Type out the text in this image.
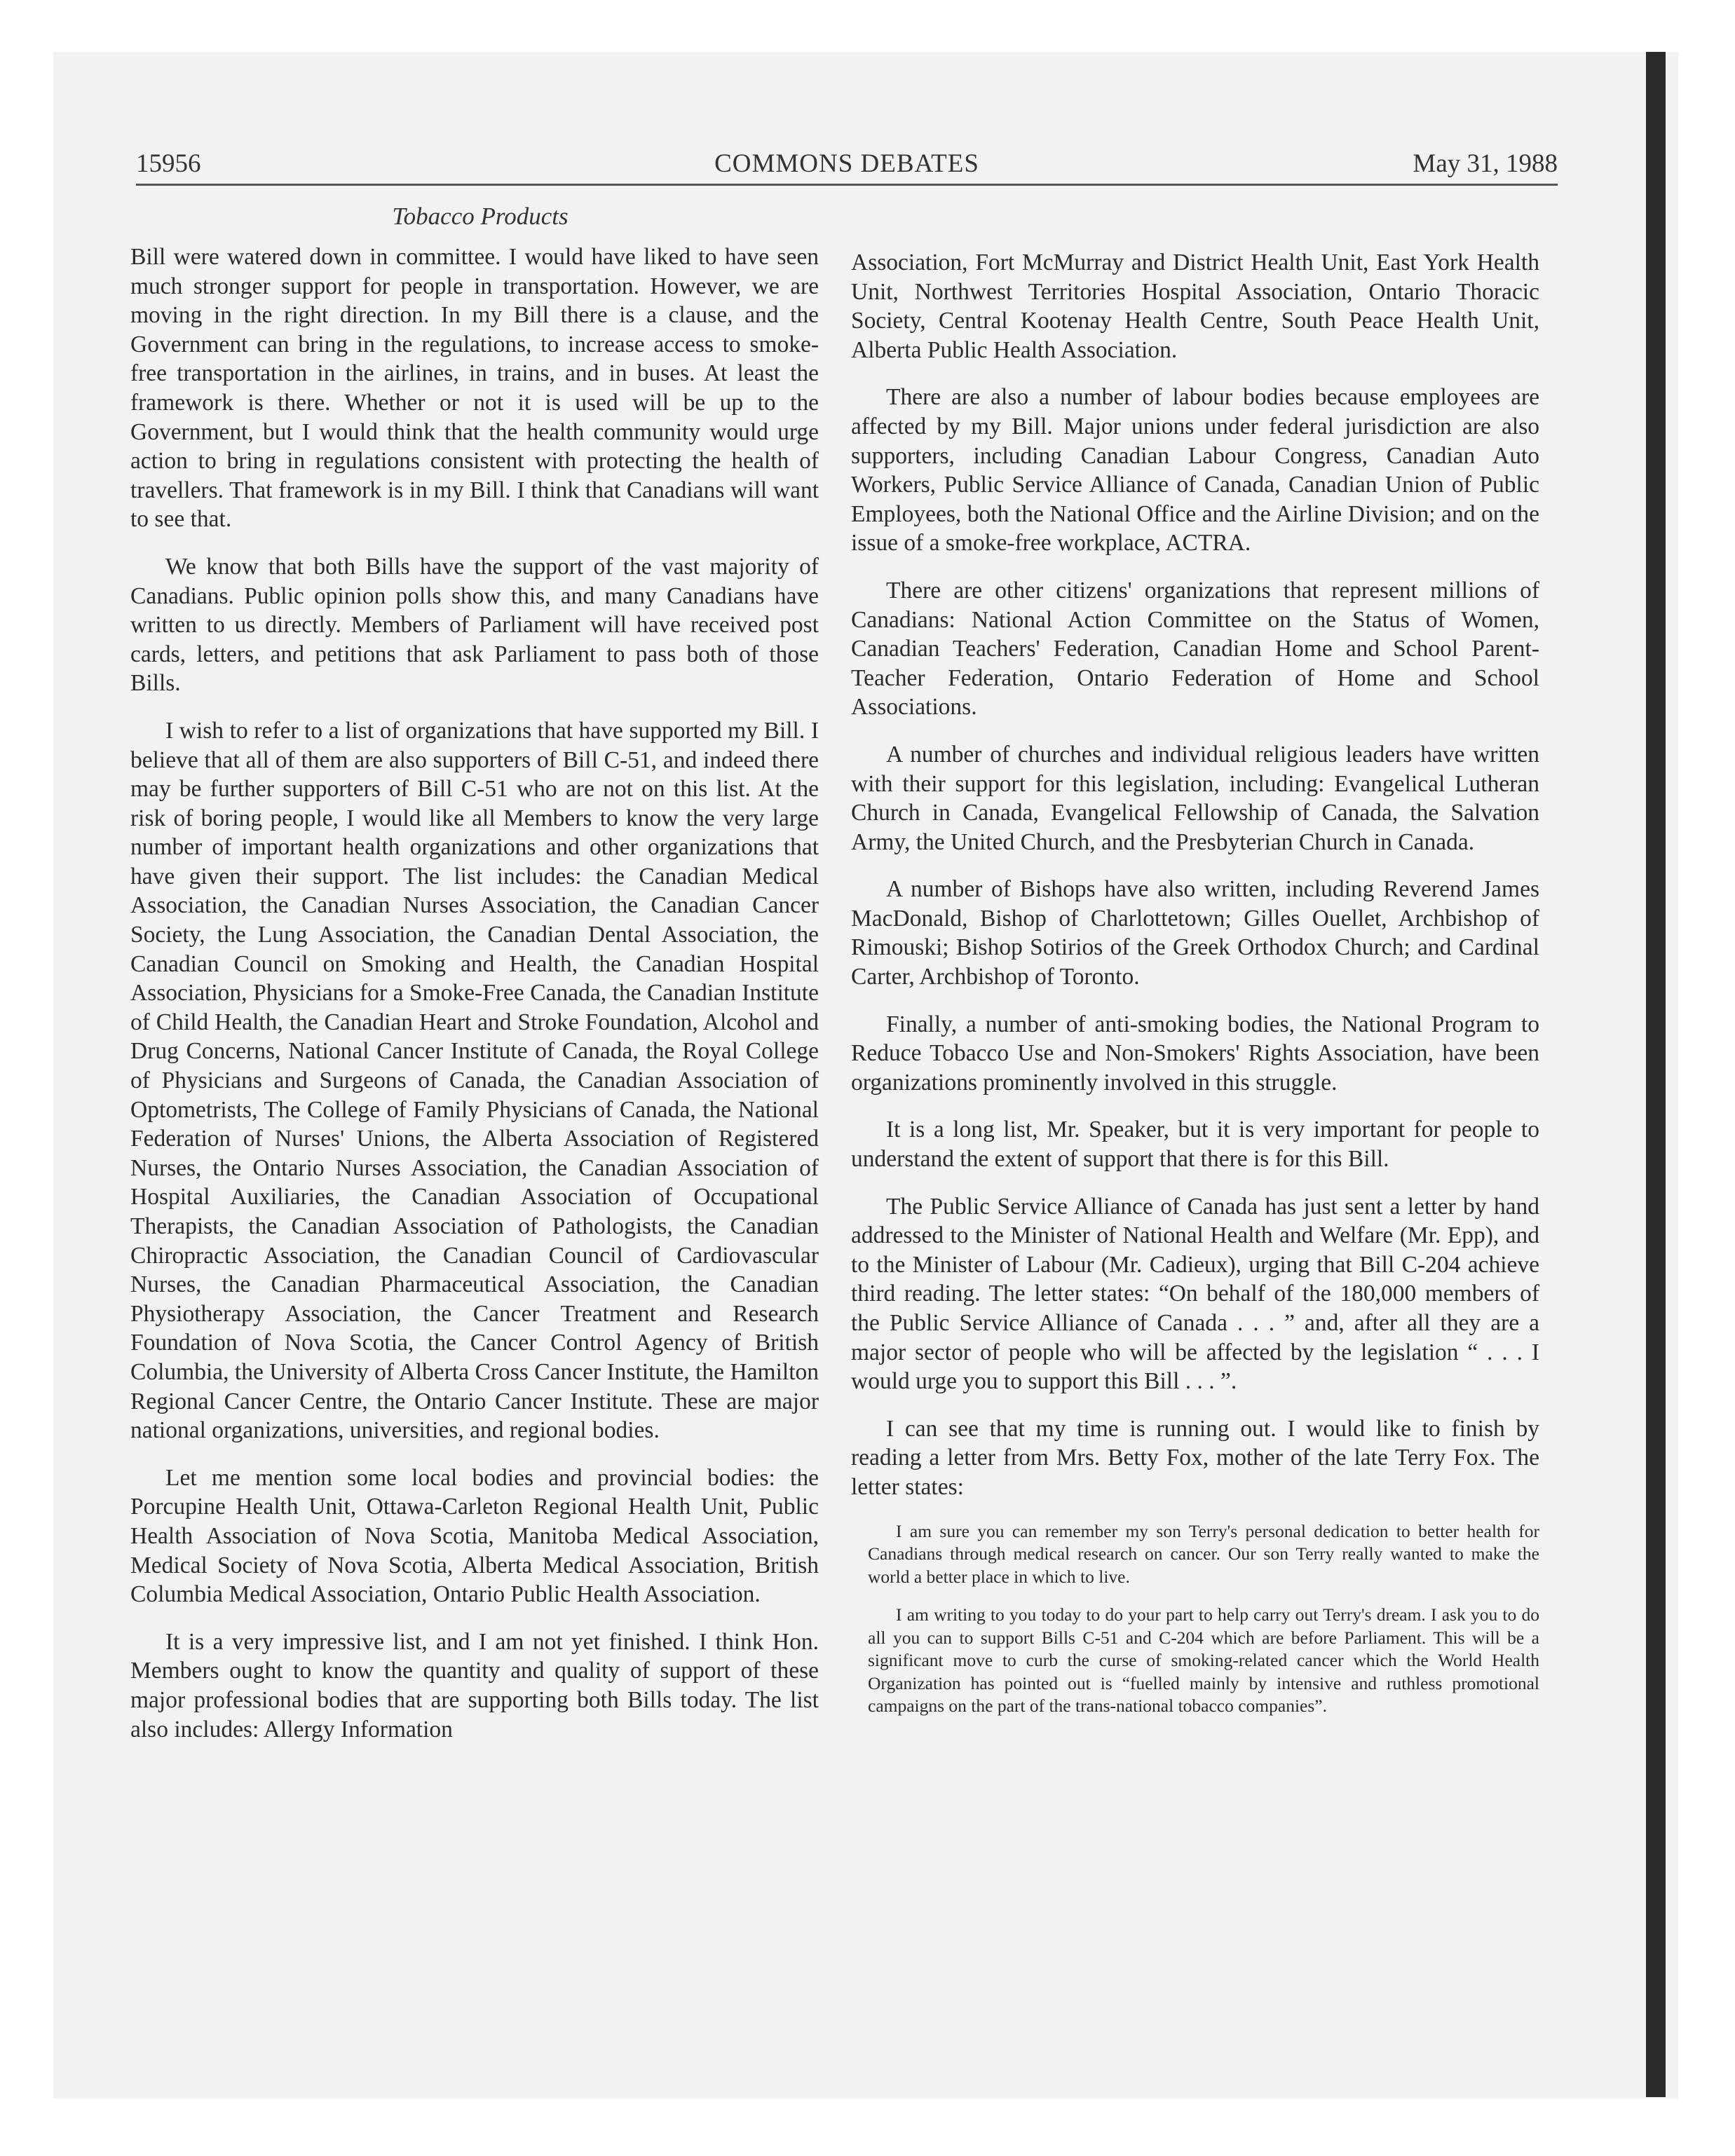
15956	COMMONS DEBATES	May 31, 1988
Tobacco Products

Bill were watered down in committee. I would have liked to have seen much stronger support for people in transportation. However, we are moving in the right direction. In my Bill there is a clause, and the Government can bring in the regulations, to increase access to smoke-free transportation in the airlines, in trains, and in buses. At least the framework is there. Whether or not it is used will be up to the Government, but I would think that the health community would urge action to bring in regulations consistent with protecting the health of travellers. That framework is in my Bill. I think that Canadians will want to see that.

We know that both Bills have the support of the vast majority of Canadians. Public opinion polls show this, and many Canadians have written to us directly. Members of Parliament will have received post cards, letters, and petitions that ask Parliament to pass both of those Bills.

I wish to refer to a list of organizations that have supported my Bill. I believe that all of them are also supporters of Bill C-51, and indeed there may be further supporters of Bill C-51 who are not on this list. At the risk of boring people, I would like all Members to know the very large number of important health organizations and other organizations that have given their support. The list includes: the Canadian Medical Association, the Canadian Nurses Association, the Canadian Cancer Society, the Lung Association, the Canadian Dental Association, the Canadian Council on Smoking and Health, the Canadian Hospital Association, Physicians for a Smoke-Free Canada, the Canadian Institute of Child Health, the Canadian Heart and Stroke Foundation, Alcohol and Drug Concerns, National Cancer Institute of Canada, the Royal College of Physicians and Surgeons of Canada, the Canadian Association of Optometrists, The College of Family Physicians of Canada, the National Federation of Nurses' Unions, the Alberta Association of Registered Nurses, the Ontario Nurses Association, the Canadian Association of Hospital Auxiliaries, the Canadian Association of Occupational Therapists, the Canadian Association of Pathologists, the Canadian Chiropractic Association, the Canadian Council of Cardiovascular Nurses, the Canadian Pharmaceutical Association, the Canadian Physiotherapy Association, the Cancer Treatment and Research Foundation of Nova Scotia, the Cancer Control Agency of British Columbia, the University of Alberta Cross Cancer Institute, the Hamilton Regional Cancer Centre, the Ontario Cancer Institute. These are major national organizations, universities, and regional bodies.

Let me mention some local bodies and provincial bodies: the Porcupine Health Unit, Ottawa-Carleton Regional Health Unit, Public Health Association of Nova Scotia, Manitoba Medical Association, Medical Society of Nova Scotia, Alberta Medical Association, British Columbia Medical Association, Ontario Public Health Association.

It is a very impressive list, and I am not yet finished. I think Hon. Members ought to know the quantity and quality of support of these major professional bodies that are supporting both Bills today. The list also includes: Allergy Information

Association, Fort McMurray and District Health Unit, East York Health Unit, Northwest Territories Hospital Association, Ontario Thoracic Society, Central Kootenay Health Centre, South Peace Health Unit, Alberta Public Health Association.

There are also a number of labour bodies because employees are affected by my Bill. Major unions under federal jurisdiction are also supporters, including Canadian Labour Congress, Canadian Auto Workers, Public Service Alliance of Canada, Canadian Union of Public Employees, both the National Office and the Airline Division; and on the issue of a smoke-free workplace, ACTRA.

There are other citizens' organizations that represent millions of Canadians: National Action Committee on the Status of Women, Canadian Teachers' Federation, Canadian Home and School Parent-Teacher Federation, Ontario Federation of Home and School Associations.

A number of churches and individual religious leaders have written with their support for this legislation, including: Evangelical Lutheran Church in Canada, Evangelical Fellowship of Canada, the Salvation Army, the United Church, and the Presbyterian Church in Canada.

A number of Bishops have also written, including Reverend James MacDonald, Bishop of Charlottetown; Gilles Ouellet, Archbishop of Rimouski; Bishop Sotirios of the Greek Orthodox Church; and Cardinal Carter, Archbishop of Toronto.

Finally, a number of anti-smoking bodies, the National Program to Reduce Tobacco Use and Non-Smokers' Rights Association, have been organizations prominently involved in this struggle.

It is a long list, Mr. Speaker, but it is very important for people to understand the extent of support that there is for this Bill.

The Public Service Alliance of Canada has just sent a letter by hand addressed to the Minister of National Health and Welfare (Mr. Epp), and to the Minister of Labour (Mr. Cadieux), urging that Bill C-204 achieve third reading. The letter states: “On behalf of the 180,000 members of the Public Service Alliance of Canada . . . ” and, after all they are a major sector of people who will be affected by the legislation “ . . . I would urge you to support this Bill . . . ”.

I can see that my time is running out. I would like to finish by reading a letter from Mrs. Betty Fox, mother of the late Terry Fox. The letter states:

I am sure you can remember my son Terry's personal dedication to better health for Canadians through medical research on cancer. Our son Terry really wanted to make the world a better place in which to live.

I am writing to you today to do your part to help carry out Terry's dream. I ask you to do all you can to support Bills C-51 and C-204 which are before Parliament. This will be a significant move to curb the curse of smoking-related cancer which the World Health Organization has pointed out is “fuelled mainly by intensive and ruthless promotional campaigns on the part of the trans-national tobacco companies”.
